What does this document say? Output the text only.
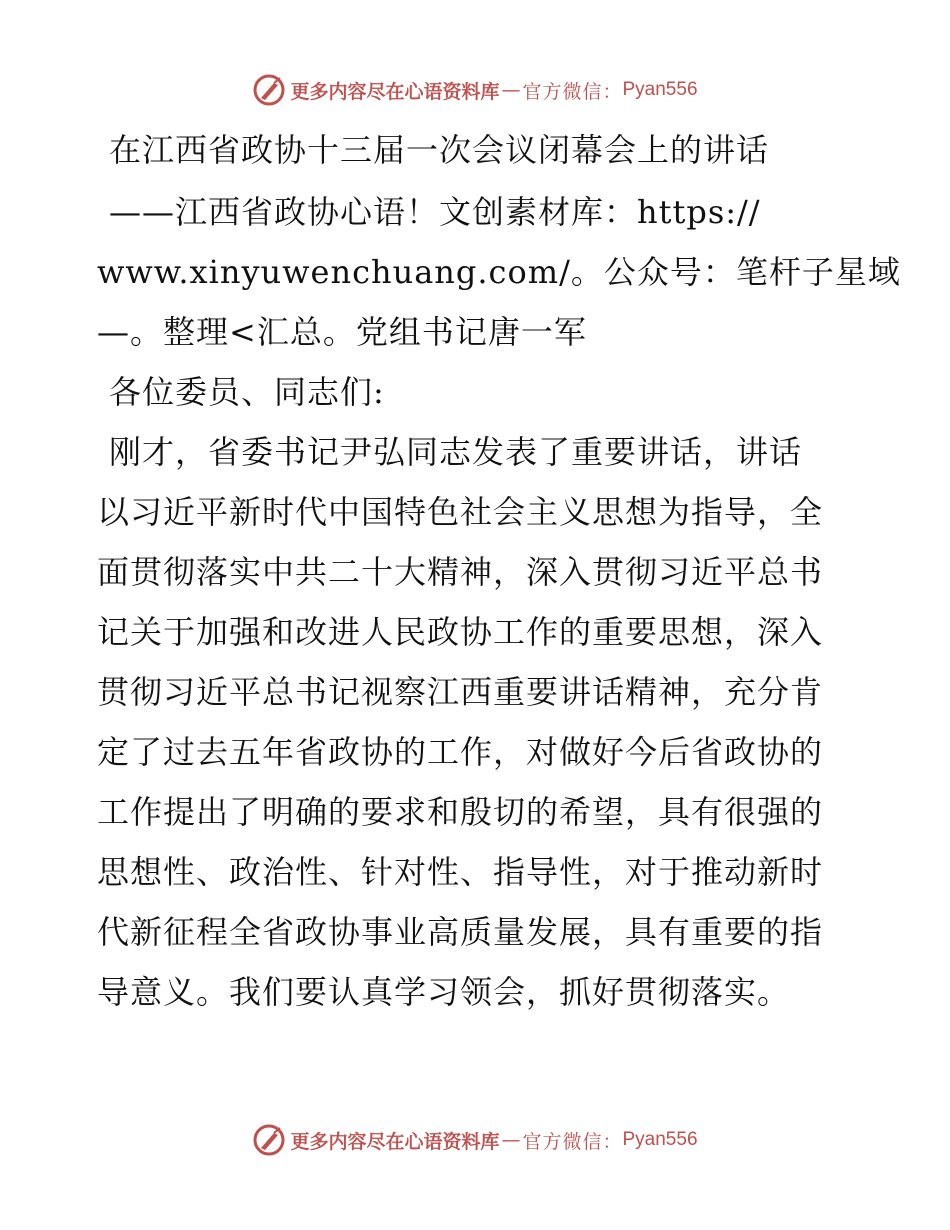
更多内容尽在心语资料库 — 官方微信： Pyan556
在江西省政协十三届一次会议闭幕会上的讲话
——江西省政协心语！文创素材库：https://
www.xinyuwenchuang.com/。公众号：笔杆子星域
—。整理<汇总。党组书记唐一军
各位委员、同志们:
刚才，省委书记尹弘同志发表了重要讲话，讲话
以习近平新时代中国特色社会主义思想为指导，全
面贯彻落实中共二十大精神，深入贯彻习近平总书
记关于加强和改进人民政协工作的重要思想，深入
贯彻习近平总书记视察江西重要讲话精神，充分肯
定了过去五年省政协的工作，对做好今后省政协的
工作提出了明确的要求和殷切的希望，具有很强的
思想性、政治性、针对性、指导性，对于推动新时
代新征程全省政协事业高质量发展，具有重要的指
导意义。我们要认真学习领会，抓好贯彻落实。
更多内容尽在心语资料库 — 官方微信： Pyan556
